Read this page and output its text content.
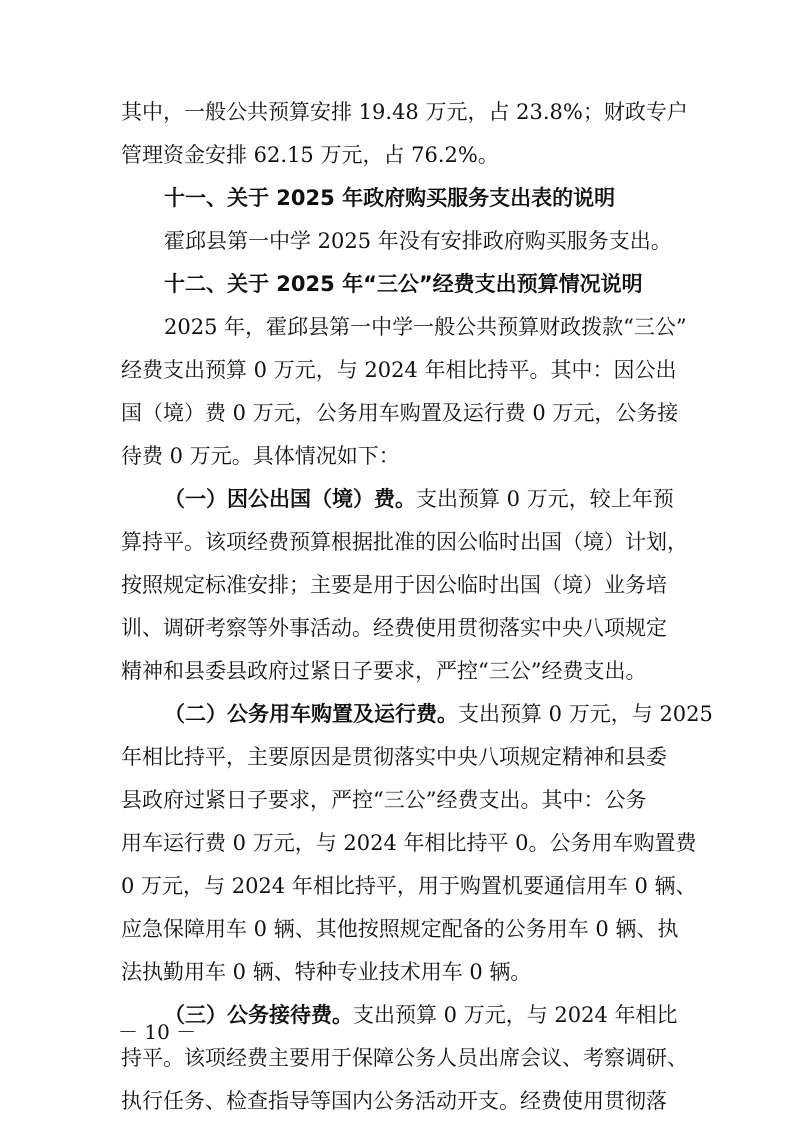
其中，一般公共预算安排 19.48 万元，占 23.8%；财政专户
管理资金安排 62.15 万元，占 76.2%。
十一、关于 2025 年政府购买服务支出表的说明
霍邱县第一中学 2025 年没有安排政府购买服务支出。
十二、关于 2025 年“三公”经费支出预算情况说明
2025 年，霍邱县第一中学一般公共预算财政拨款“三公”
经费支出预算 0 万元，与 2024 年相比持平。其中：因公出
国（境）费 0 万元，公务用车购置及运行费 0 万元，公务接
待费 0 万元。具体情况如下：
（一）因公出国（境）费。支出预算 0 万元，较上年预
算持平。该项经费预算根据批准的因公临时出国（境）计划，
按照规定标准安排；主要是用于因公临时出国（境）业务培
训、调研考察等外事活动。经费使用贯彻落实中央八项规定
精神和县委县政府过紧日子要求，严控“三公”经费支出。
（二）公务用车购置及运行费。支出预算 0 万元，与 2025
年相比持平，主要原因是贯彻落实中央八项规定精神和县委
县政府过紧日子要求，严控“三公”经费支出。其中：公务
用车运行费 0 万元，与 2024 年相比持平 0。公务用车购置费
0 万元，与 2024 年相比持平，用于购置机要通信用车 0 辆、
应急保障用车 0 辆、其他按照规定配备的公务用车 0 辆、执
法执勤用车 0 辆、特种专业技术用车 0 辆。
（三）公务接待费。支出预算 0 万元，与 2024 年相比
持平。该项经费主要用于保障公务人员出席会议、考察调研、
执行任务、检查指导等国内公务活动开支。经费使用贯彻落
－ 10 －
